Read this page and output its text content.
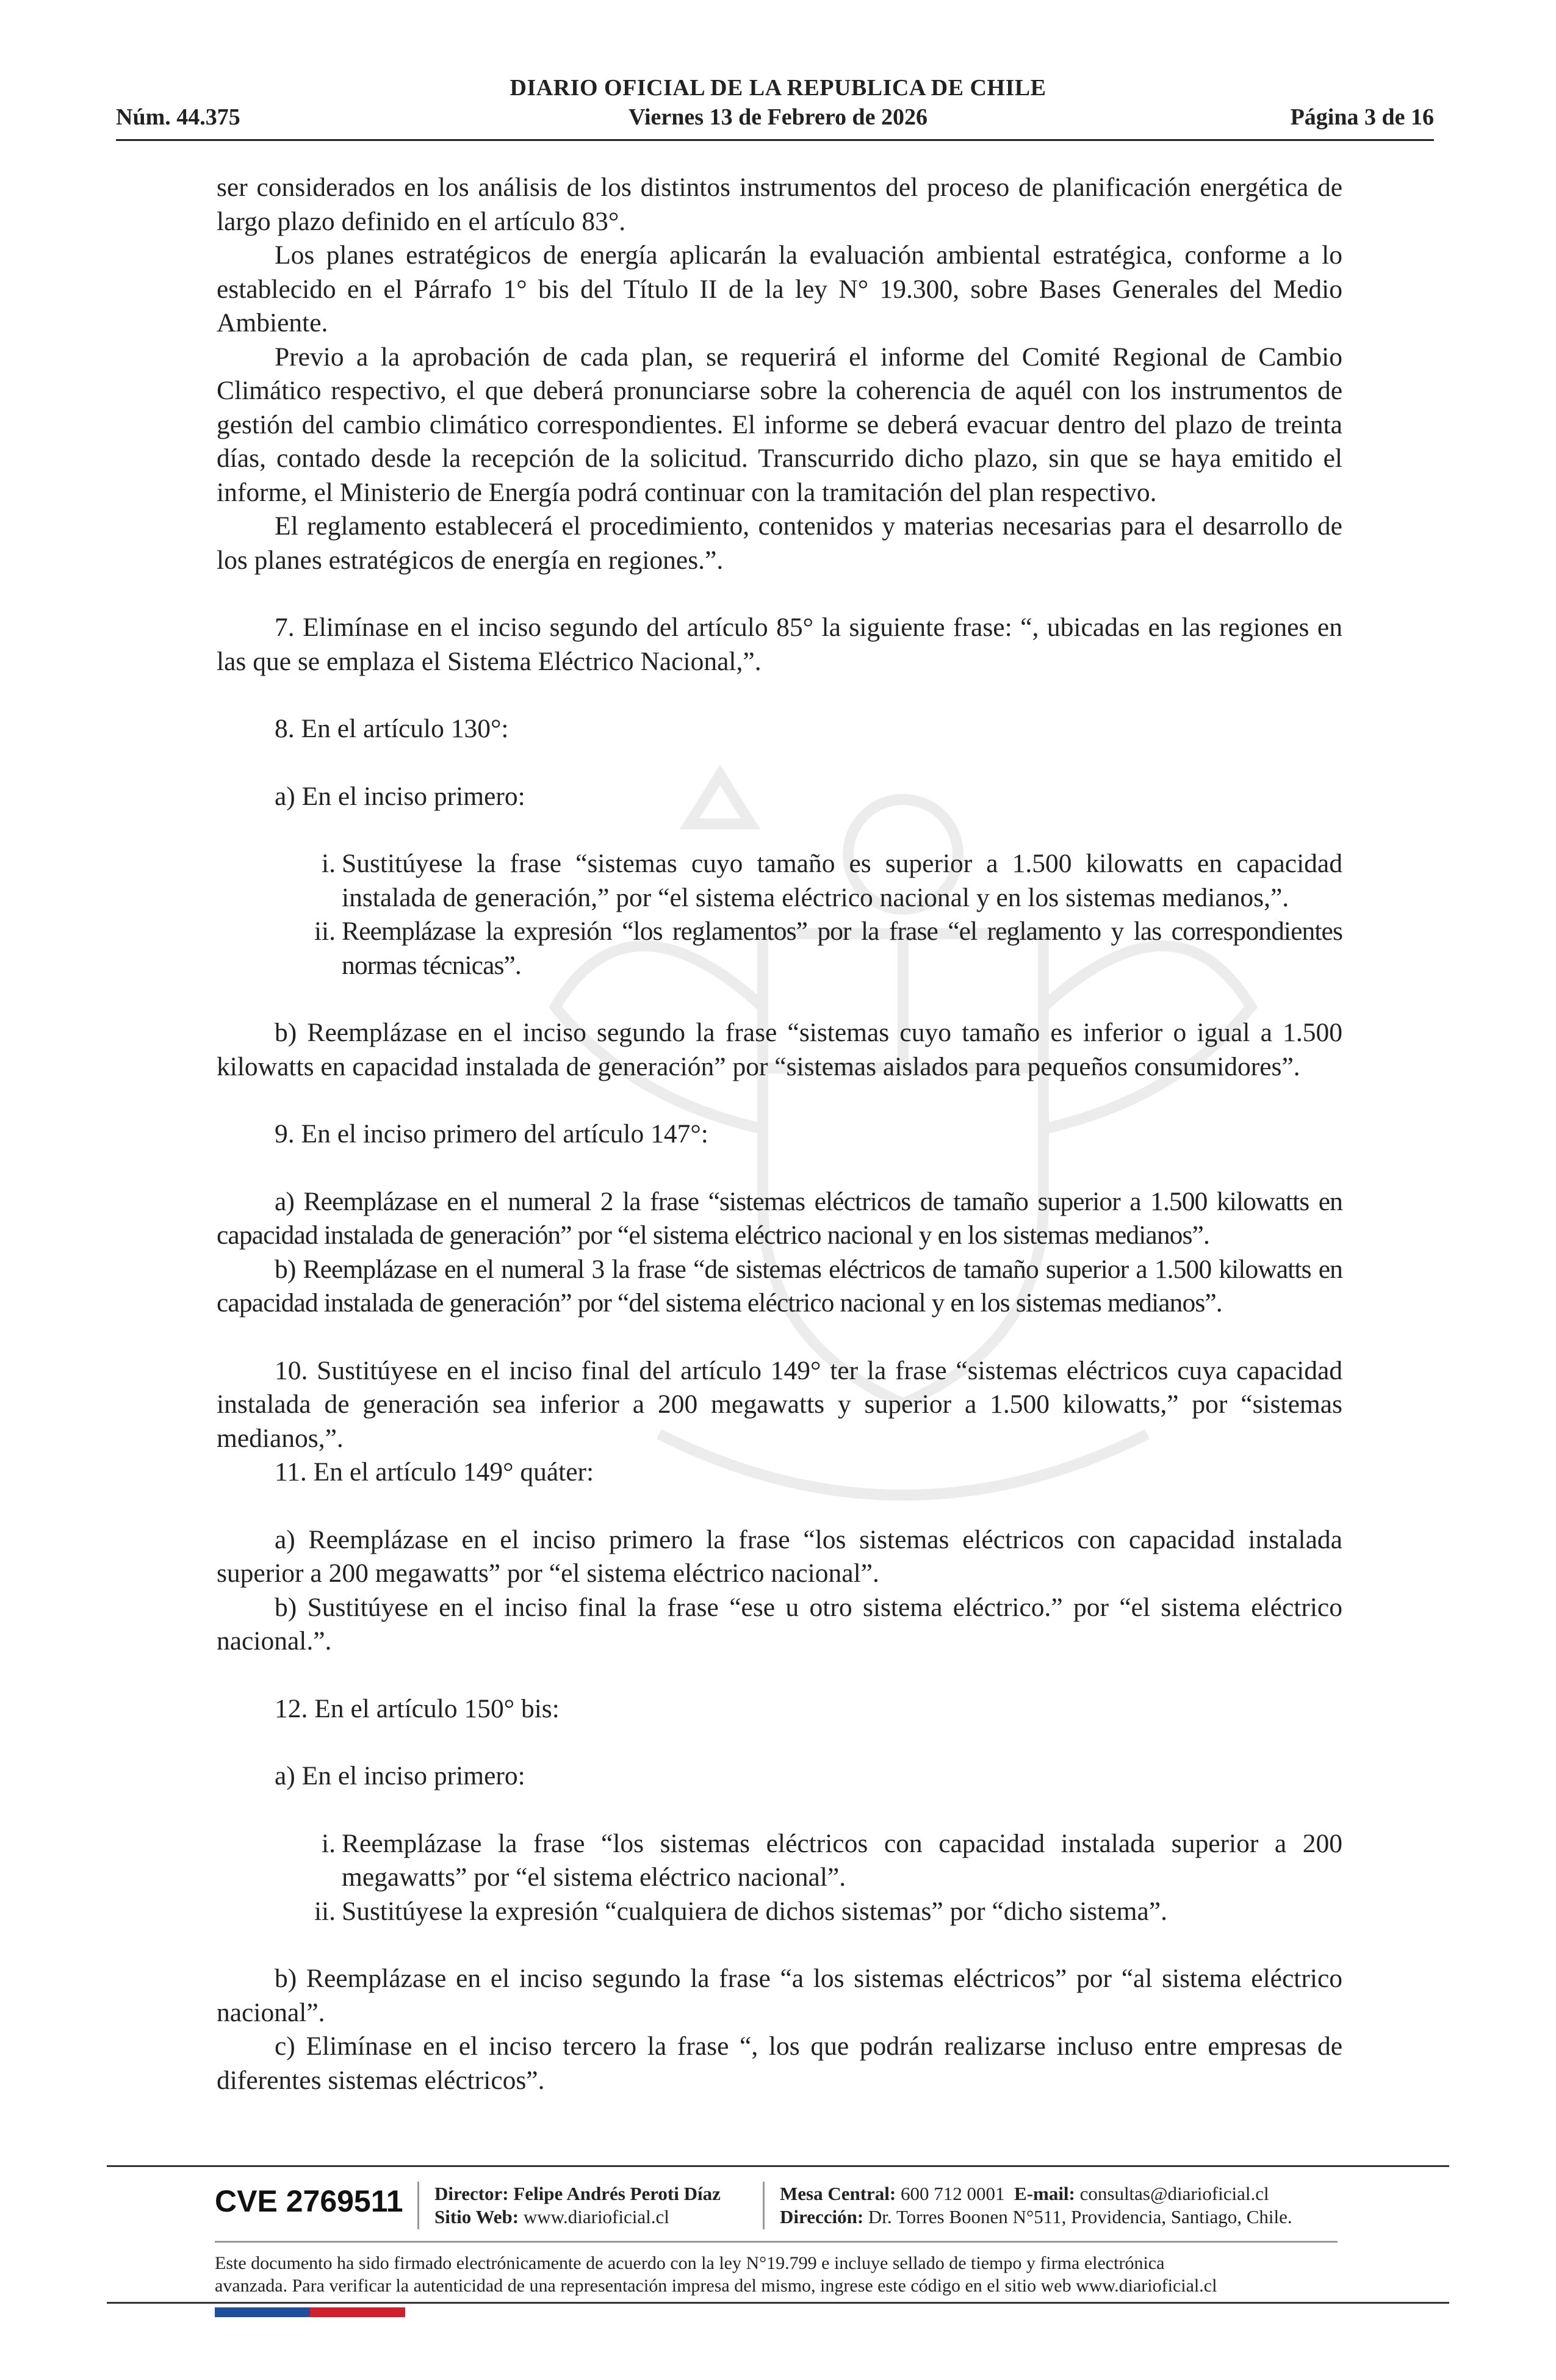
DIARIO OFICIAL DE LA REPUBLICA DE CHILE
Núm. 44.375	Viernes 13 de Febrero de 2026	Página 3 de 16

ser considerados en los análisis de los distintos instrumentos del proceso de planificación energética de largo plazo definido en el artículo 83°.

Los planes estratégicos de energía aplicarán la evaluación ambiental estratégica, conforme a lo establecido en el Párrafo 1° bis del Título II de la ley N° 19.300, sobre Bases Generales del Medio Ambiente.

Previo a la aprobación de cada plan, se requerirá el informe del Comité Regional de Cambio Climático respectivo, el que deberá pronunciarse sobre la coherencia de aquél con los instrumentos de gestión del cambio climático correspondientes. El informe se deberá evacuar dentro del plazo de treinta días, contado desde la recepción de la solicitud. Transcurrido dicho plazo, sin que se haya emitido el informe, el Ministerio de Energía podrá continuar con la tramitación del plan respectivo.

El reglamento establecerá el procedimiento, contenidos y materias necesarias para el desarrollo de los planes estratégicos de energía en regiones.”.

7. Elimínase en el inciso segundo del artículo 85° la siguiente frase: “, ubicadas en las regiones en las que se emplaza el Sistema Eléctrico Nacional,”.

8. En el artículo 130°:

a) En el inciso primero:

i. Sustitúyese la frase “sistemas cuyo tamaño es superior a 1.500 kilowatts en capacidad instalada de generación,” por “el sistema eléctrico nacional y en los sistemas medianos,”.

ii. Reemplázase la expresión “los reglamentos” por la frase “el reglamento y las correspondientes normas técnicas”.

b) Reemplázase en el inciso segundo la frase “sistemas cuyo tamaño es inferior o igual a 1.500 kilowatts en capacidad instalada de generación” por “sistemas aislados para pequeños consumidores”.

9. En el inciso primero del artículo 147°:

a) Reemplázase en el numeral 2 la frase “sistemas eléctricos de tamaño superior a 1.500 kilowatts en capacidad instalada de generación” por “el sistema eléctrico nacional y en los sistemas medianos”.

b) Reemplázase en el numeral 3 la frase “de sistemas eléctricos de tamaño superior a 1.500 kilowatts en capacidad instalada de generación” por “del sistema eléctrico nacional y en los sistemas medianos”.

10. Sustitúyese en el inciso final del artículo 149° ter la frase “sistemas eléctricos cuya capacidad instalada de generación sea inferior a 200 megawatts y superior a 1.500 kilowatts,” por “sistemas medianos,”.

11. En el artículo 149° quáter:

a) Reemplázase en el inciso primero la frase “los sistemas eléctricos con capacidad instalada superior a 200 megawatts” por “el sistema eléctrico nacional”.

b) Sustitúyese en el inciso final la frase “ese u otro sistema eléctrico.” por “el sistema eléctrico nacional.”.

12. En el artículo 150° bis:

a) En el inciso primero:

i. Reemplázase la frase “los sistemas eléctricos con capacidad instalada superior a 200 megawatts” por “el sistema eléctrico nacional”.

ii. Sustitúyese la expresión “cualquiera de dichos sistemas” por “dicho sistema”.

b) Reemplázase en el inciso segundo la frase “a los sistemas eléctricos” por “al sistema eléctrico nacional”.

c) Elimínase en el inciso tercero la frase “, los que podrán realizarse incluso entre empresas de diferentes sistemas eléctricos”.

CVE 2769511 Director: Felipe Andrés Peroti Díaz
Sitio Web: www.diarioficial.cl
Mesa Central: 600 712 0001 E-mail: consultas@diarioficial.cl
Dirección: Dr. Torres Boonen N°511, Providencia, Santiago, Chile.
Este documento ha sido firmado electrónicamente de acuerdo con la ley N°19.799 e incluye sellado de tiempo y firma electrónica
avanzada. Para verificar la autenticidad de una representación impresa del mismo, ingrese este código en el sitio web www.diarioficial.cl
